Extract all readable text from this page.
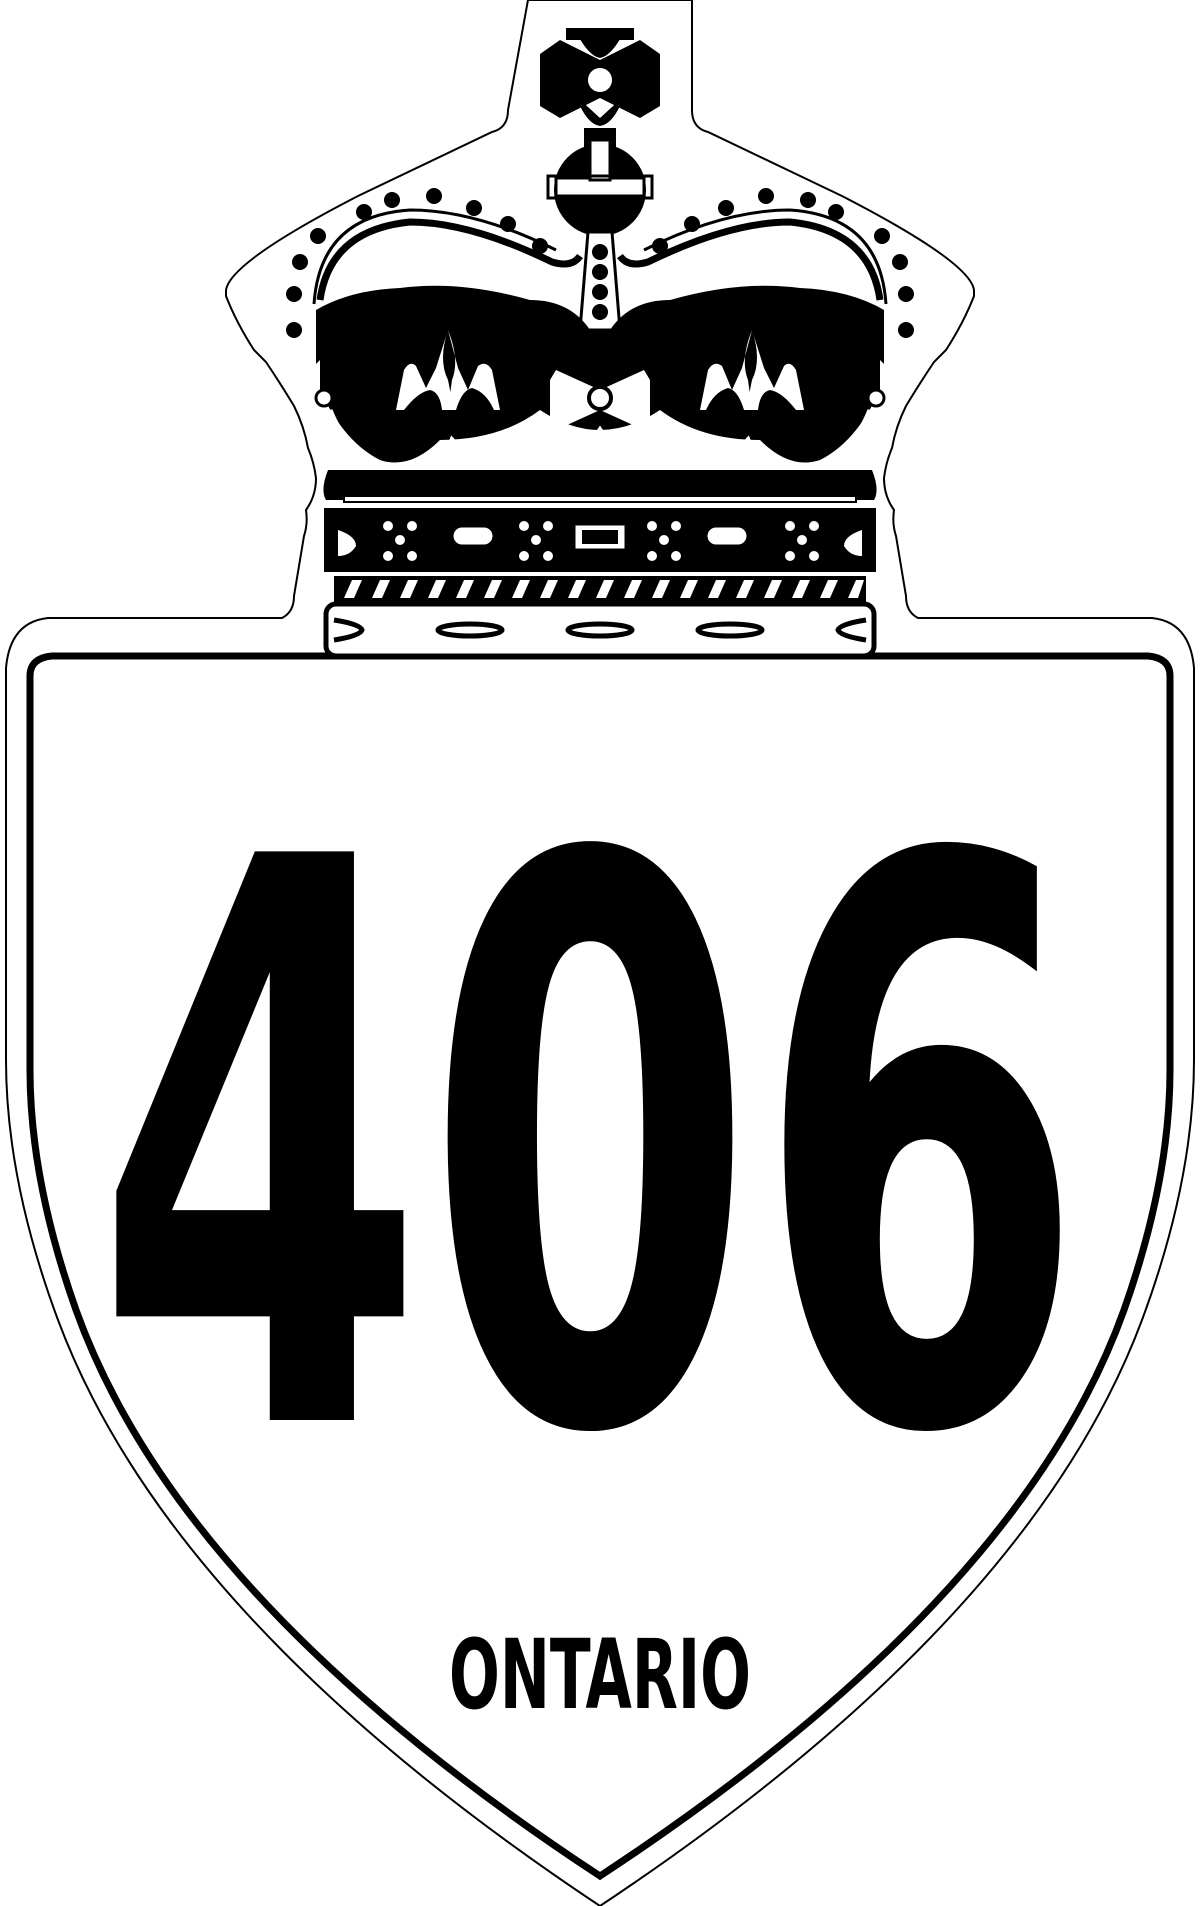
406
ONTARIO
